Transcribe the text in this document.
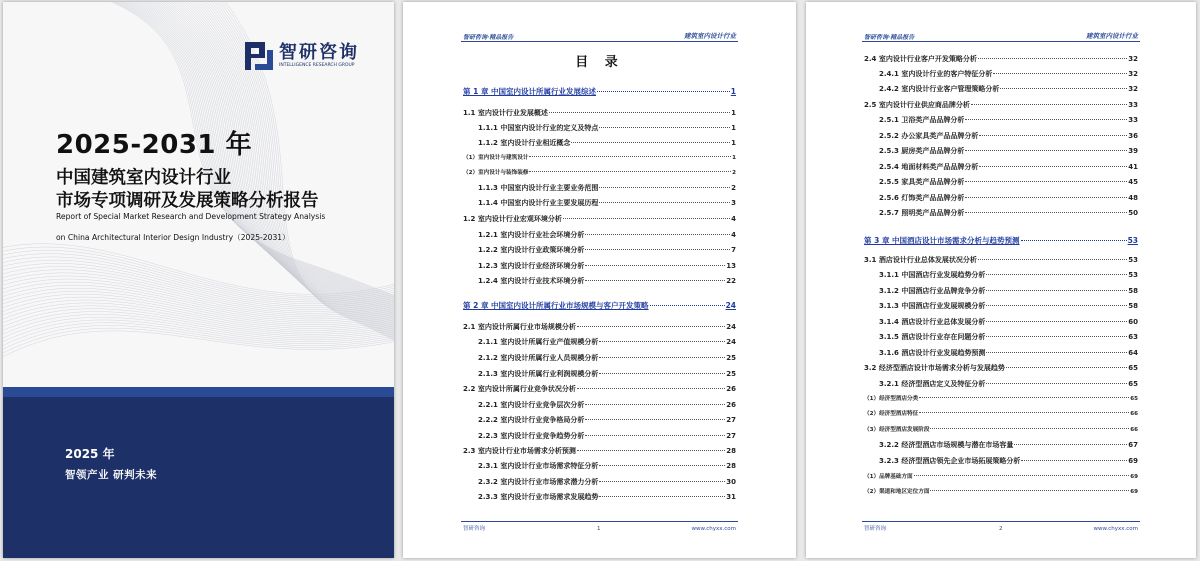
智研咨询
INTELLIGENCE RESEARCH GROUP
2025-2031 年
中国建筑室内设计行业
市场专项调研及发展策略分析报告
Report of Special Market Research and Development Strategy Analysis
on China Architectural Interior Design Industry（2025-2031）
2025 年
智领产业 研判未来
智研咨询·精品报告	建筑室内设计行业
目 录
第 1 章 中国室内设计所属行业发展综述	1
1.1 室内设计行业发展概述	1
1.1.1 中国室内设计行业的定义及特点	1
1.1.2 室内设计行业相近概念	1
（1）室内设计与建筑设计	1
（2）室内设计与装饰装修	2
1.1.3 中国室内设计行业主要业务范围	2
1.1.4 中国室内设计行业主要发展历程	3
1.2 室内设计行业宏观环境分析	4
1.2.1 室内设计行业社会环境分析	4
1.2.2 室内设计行业政策环境分析	7
1.2.3 室内设计行业经济环境分析	13
1.2.4 室内设计行业技术环境分析	22
第 2 章 中国室内设计所属行业市场规模与客户开发策略	24
2.1 室内设计所属行业市场规模分析	24
2.1.1 室内设计所属行业产值规模分析	24
2.1.2 室内设计所属行业人员规模分析	25
2.1.3 室内设计所属行业利润规模分析	25
2.2 室内设计所属行业竞争状况分析	26
2.2.1 室内设计行业竞争层次分析	26
2.2.2 室内设计行业竞争格局分析	27
2.2.3 室内设计行业竞争趋势分析	27
2.3 室内设计行业市场需求分析预测	28
2.3.1 室内设计行业市场需求特征分析	28
2.3.2 室内设计行业市场需求潜力分析	30
2.3.3 室内设计行业市场需求发展趋势	31
智研咨询	1	www.chyxx.com
智研咨询·精品报告	建筑室内设计行业
2.4 室内设计行业客户开发策略分析	32
2.4.1 室内设计行业的客户特征分析	32
2.4.2 室内设计行业客户管理策略分析	32
2.5 室内设计行业供应商品牌分析	33
2.5.1 卫浴类产品品牌分析	33
2.5.2 办公家具类产品品牌分析	36
2.5.3 厨房类产品品牌分析	39
2.5.4 地面材料类产品品牌分析	41
2.5.5 家具类产品品牌分析	45
2.5.6 灯饰类产品品牌分析	48
2.5.7 照明类产品品牌分析	50
第 3 章 中国酒店设计市场需求分析与趋势预测	53
3.1 酒店设计行业总体发展状况分析	53
3.1.1 中国酒店行业发展趋势分析	53
3.1.2 中国酒店行业品牌竞争分析	58
3.1.3 中国酒店行业发展规模分析	58
3.1.4 酒店设计行业总体发展分析	60
3.1.5 酒店设计行业存在问题分析	63
3.1.6 酒店设计行业发展趋势预测	64
3.2 经济型酒店设计市场需求分析与发展趋势	65
3.2.1 经济型酒店定义及特征分析	65
（1）经济型酒店分类	65
（2）经济型酒店特征	66
（3）经济型酒店发展阶段	66
3.2.2 经济型酒店市场规模与潜在市场容量	67
3.2.3 经济型酒店领先企业市场拓展策略分析	69
（1）品牌基础方面	69
（2）渠道和地区定位方面	69
智研咨询	2	www.chyxx.com
